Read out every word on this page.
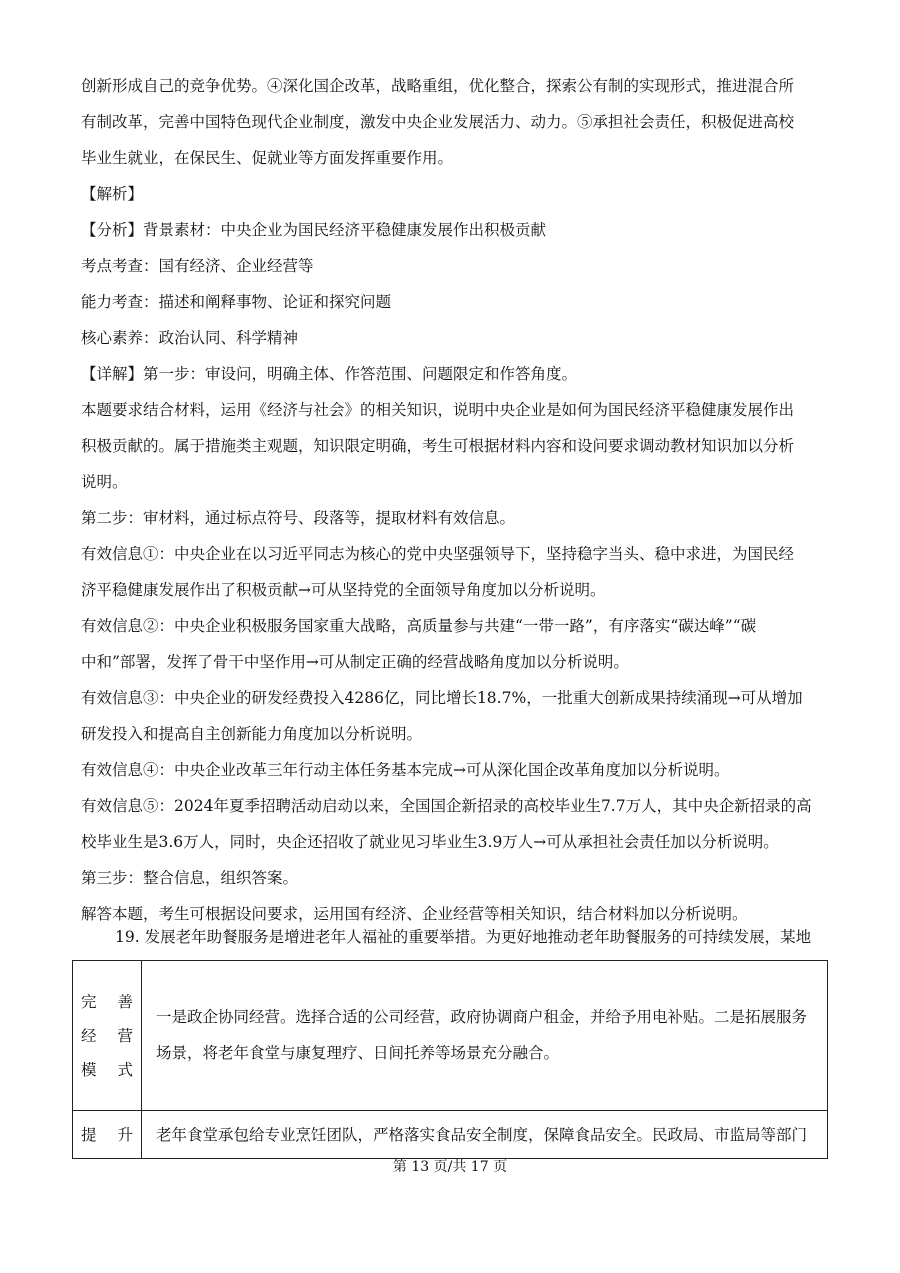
创新形成自己的竞争优势。④深化国企改革，战略重组，优化整合，探索公有制的实现形式，推进混合所
有制改革，完善中国特色现代企业制度，激发中央企业发展活力、动力。⑤承担社会责任，积极促进高校
毕业生就业，在保民生、促就业等方面发挥重要作用。
【解析】
【分析】背景素材：中央企业为国民经济平稳健康发展作出积极贡献
考点考查：国有经济、企业经营等
能力考查：描述和阐释事物、论证和探究问题
核心素养：政治认同、科学精神
【详解】第一步：审设问，明确主体、作答范围、问题限定和作答角度。
本题要求结合材料，运用《经济与社会》的相关知识，说明中央企业是如何为国民经济平稳健康发展作出
积极贡献的。属于措施类主观题，知识限定明确，考生可根据材料内容和设问要求调动教材知识加以分析
说明。
第二步：审材料，通过标点符号、段落等，提取材料有效信息。
有效信息①：中央企业在以习近平同志为核心的党中央坚强领导下，坚持稳字当头、稳中求进，为国民经
济平稳健康发展作出了积极贡献→可从坚持党的全面领导角度加以分析说明。
有效信息②：中央企业积极服务国家重大战略，高质量参与共建“一带一路”，有序落实“碳达峰”“碳
中和”部署，发挥了骨干中坚作用→可从制定正确的经营战略角度加以分析说明。
有效信息③：中央企业的研发经费投入4286亿，同比增长18.7%，一批重大创新成果持续涌现→可从增加
研发投入和提高自主创新能力角度加以分析说明。
有效信息④：中央企业改革三年行动主体任务基本完成→可从深化国企改革角度加以分析说明。
有效信息⑤：2024年夏季招聘活动启动以来，全国国企新招录的高校毕业生7.7万人，其中央企新招录的高
校毕业生是3.6万人，同时，央企还招收了就业见习毕业生3.9万人→可从承担社会责任加以分析说明。
第三步：整合信息，组织答案。
解答本题，考生可根据设问要求，运用国有经济、企业经营等相关知识，结合材料加以分析说明。
19. 发展老年助餐服务是增进老年人福祉的重要举措。为更好地推动老年助餐服务的可持续发展，某地
完　善
经　营
模式	一是政企协同经营。选择合适的公司经营，政府协调商户租金，并给予用电补贴。二是拓展服务
场景，将老年食堂与康复理疗、日间托养等场景充分融合。

提　升	老年食堂承包给专业烹饪团队，严格落实食品安全制度，保障食品安全。民政局、市监局等部门
第 13 页/共 17 页
